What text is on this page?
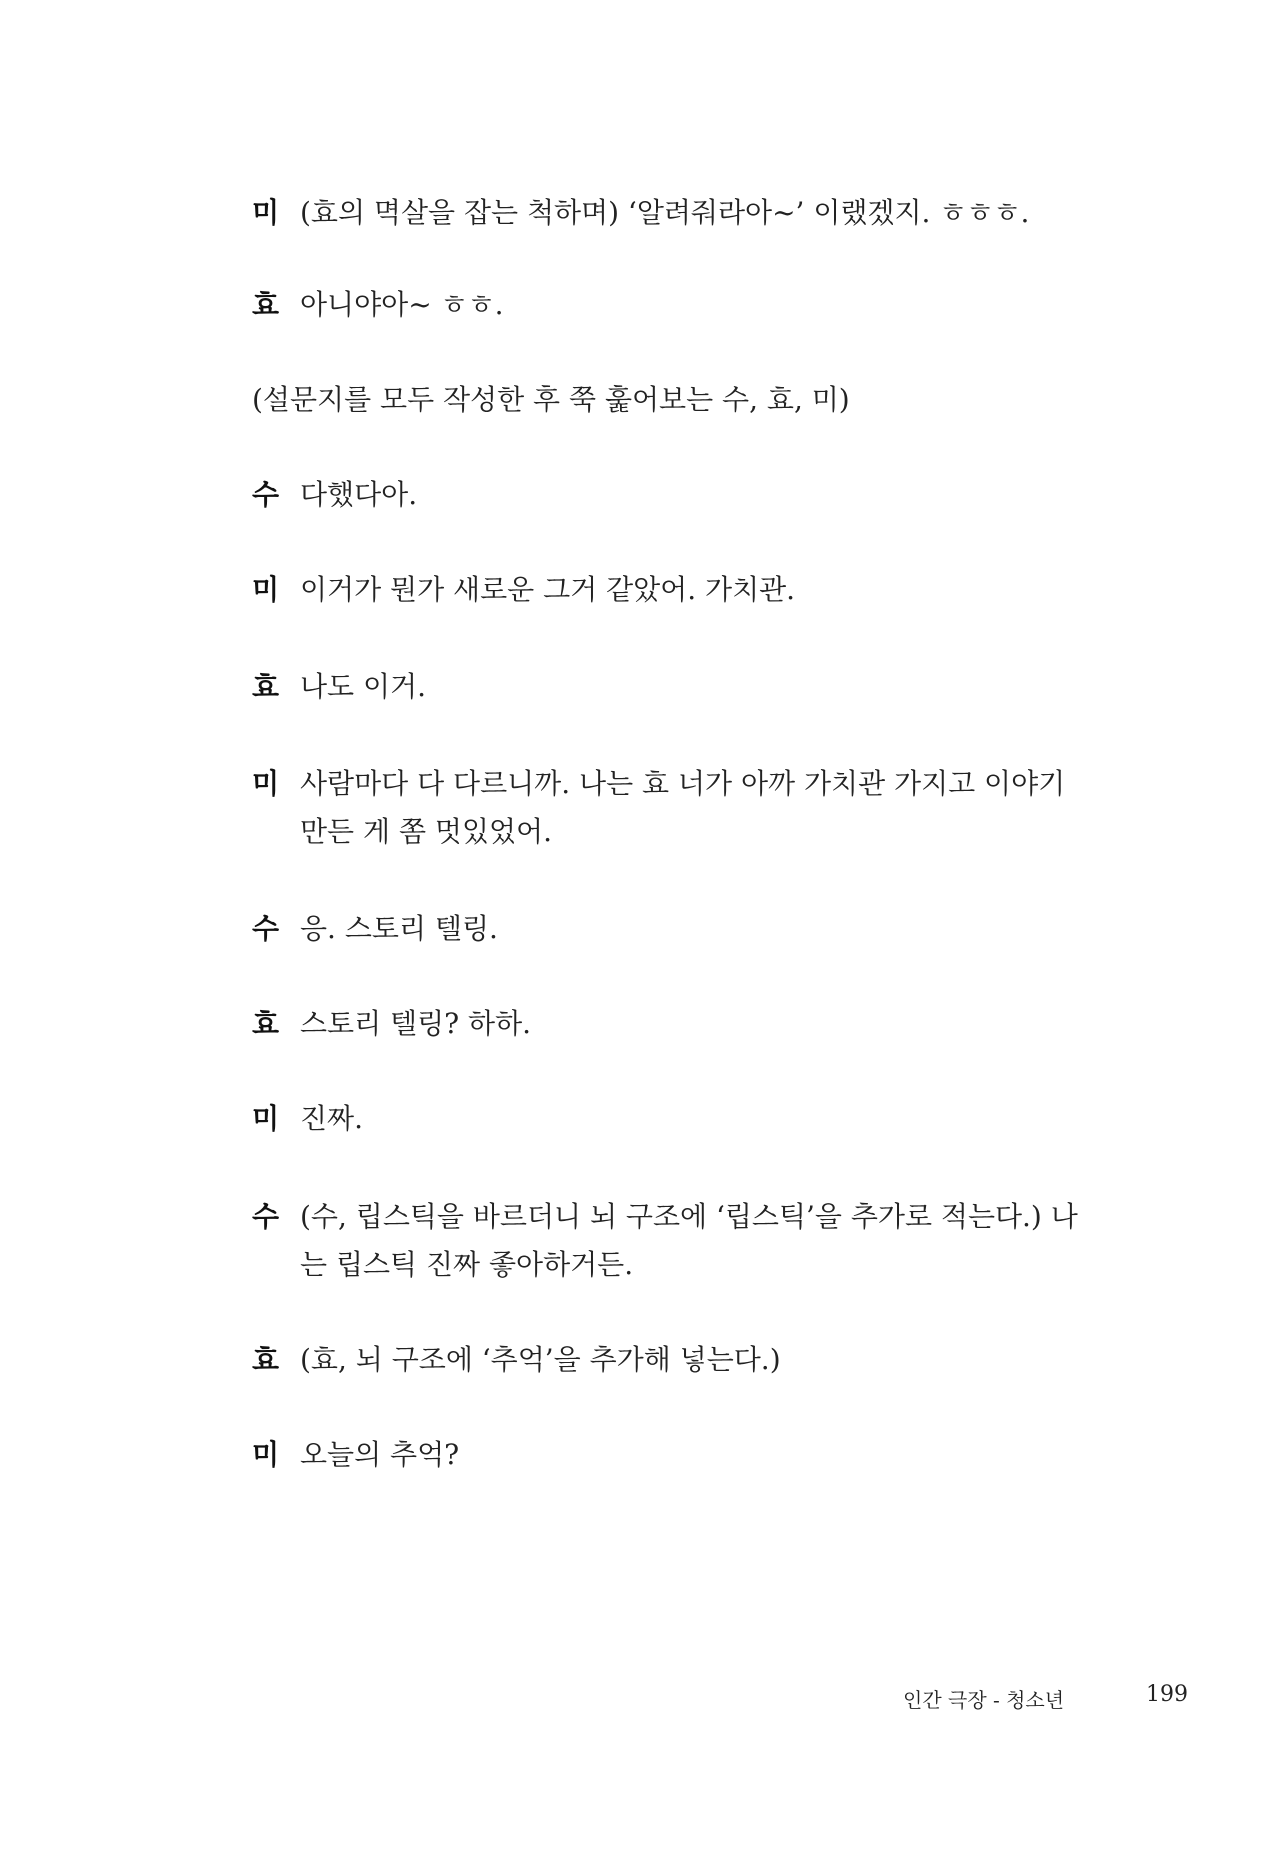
미 (효의 멱살을 잡는 척하며) ‘알려줘라아~’ 이랬겠지. ㅎㅎㅎ.
효 아니야아~ ㅎㅎ.
(설문지를 모두 작성한 후 쭉 훑어보는 수, 효, 미)
수 다했다아.
미 이거가 뭔가 새로운 그거 같았어. 가치관.
효 나도 이거.
미 사람마다 다 다르니까. 나는 효 너가 아까 가치관 가지고 이야기 만든 게 쫌 멋있었어.
수 응. 스토리 텔링.
효 스토리 텔링? 하하.
미 진짜.
수 (수, 립스틱을 바르더니 뇌 구조에 ‘립스틱’을 추가로 적는다.) 나는 립스틱 진짜 좋아하거든.
효 (효, 뇌 구조에 ‘추억’을 추가해 넣는다.)
미 오늘의 추억?
인간 극장 - 청소년	199
